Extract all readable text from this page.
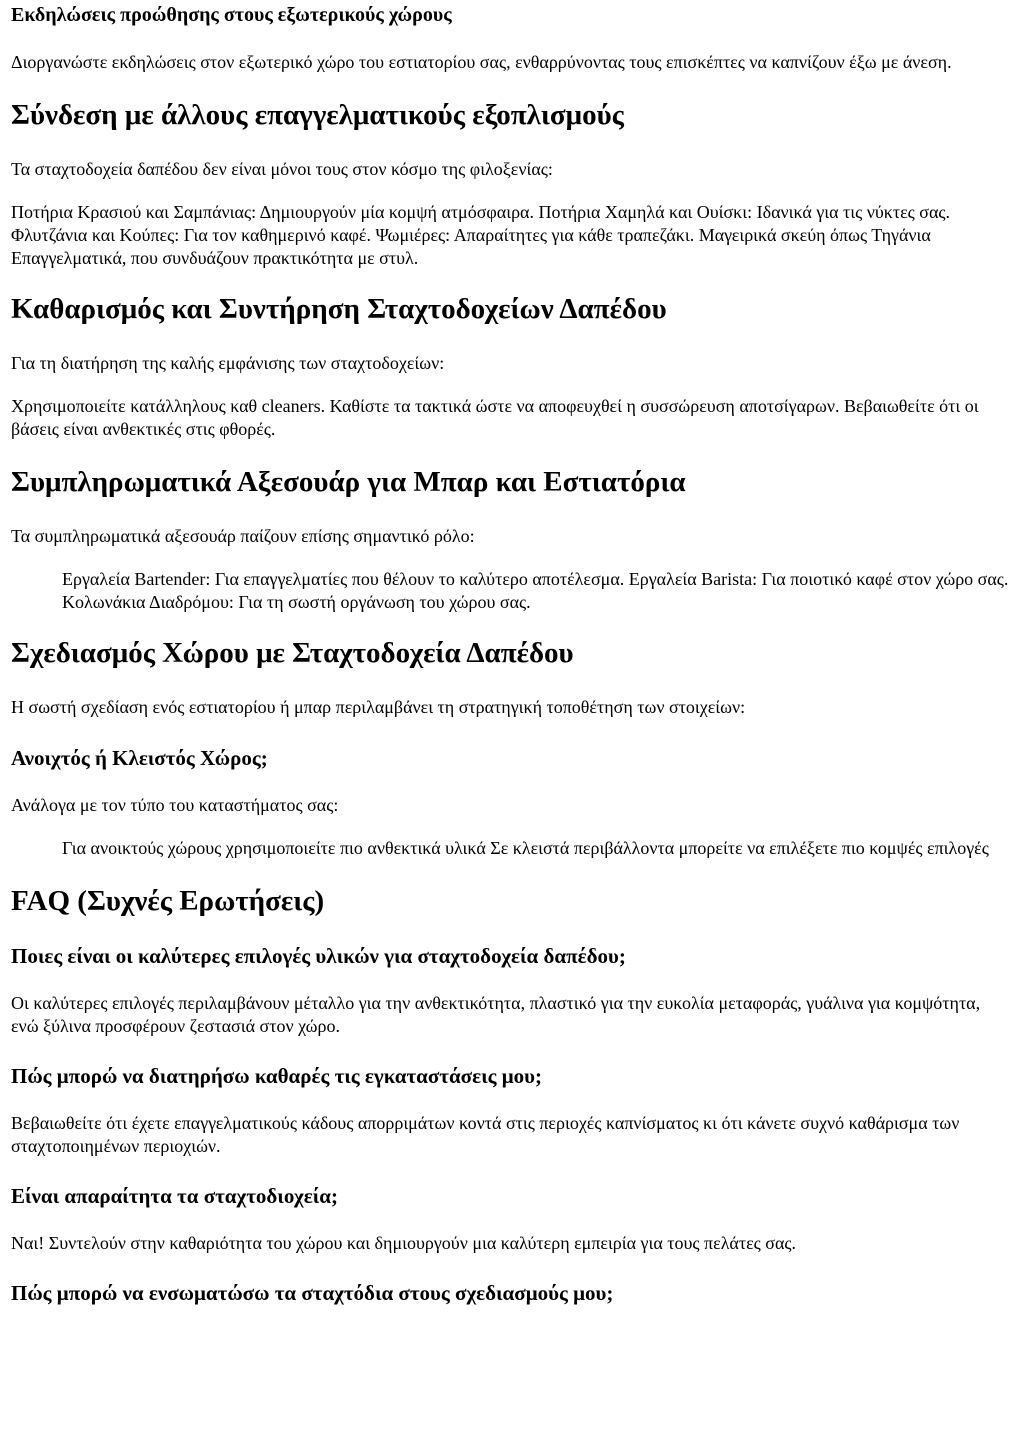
Εκδηλώσεις προώθησης στους εξωτερικούς χώρους

Διοργανώστε εκδηλώσεις στον εξωτερικό χώρο του εστιατορίου σας, ενθαρρύνοντας τους επισκέπτες να καπνίζουν έξω με άνεση.

Σύνδεση με άλλους επαγγελματικούς εξοπλισμούς

Τα σταχτοδοχεία δαπέδου δεν είναι μόνοι τους στον κόσμο της φιλοξενίας:

Ποτήρια Κρασιού και Σαμπάνιας: Δημιουργούν μία κομψή ατμόσφαιρα. Ποτήρια Χαμηλά και Ουίσκι: Ιδανικά για τις νύκτες σας. Φλυτζάνια και Κούπες: Για τον καθημερινό καφέ. Ψωμιέρες: Απαραίτητες για κάθε τραπεζάκι. Μαγειρικά σκεύη όπως Τηγάνια Επαγγελματικά, που συνδυάζουν πρακτικότητα με στυλ.

Καθαρισμός και Συντήρηση Σταχτοδοχείων Δαπέδου

Για τη διατήρηση της καλής εμφάνισης των σταχτοδοχείων:

Χρησιμοποιείτε κατάλληλους καθ cleaners. Καθίστε τα τακτικά ώστε να αποφευχθεί η συσσώρευση αποτσίγαρων. Βεβαιωθείτε ότι οι βάσεις είναι ανθεκτικές στις φθορές.

Συμπληρωματικά Αξεσουάρ για Μπαρ και Εστιατόρια

Τα συμπληρωματικά αξεσουάρ παίζουν επίσης σημαντικό ρόλο:

Εργαλεία Bartender: Για επαγγελματίες που θέλουν το καλύτερο αποτέλεσμα. Εργαλεία Barista: Για ποιοτικό καφέ στον χώρο σας. Κολωνάκια Διαδρόμου: Για τη σωστή οργάνωση του χώρου σας.
Σχεδιασμός Χώρου με Σταχτοδοχεία Δαπέδου

Η σωστή σχεδίαση ενός εστιατορίου ή μπαρ περιλαμβάνει τη στρατηγική τοποθέτηση των στοιχείων:

Ανοιχτός ή Κλειστός Χώρος;

Ανάλογα με τον τύπο του καταστήματος σας:

Για ανοικτούς χώρους χρησιμοποιείτε πιο ανθεκτικά υλικά Σε κλειστά περιβάλλοντα μπορείτε να επιλέξετε πιο κομψές επιλογές
FAQ (Συχνές Ερωτήσεις)
Ποιες είναι οι καλύτερες επιλογές υλικών για σταχτοδοχεία δαπέδου;

Οι καλύτερες επιλογές περιλαμβάνουν μέταλλο για την ανθεκτικότητα, πλαστικό για την ευκολία μεταφοράς, γυάλινα για κομψότητα, ενώ ξύλινα προσφέρουν ζεστασιά στον χώρο.

Πώς μπορώ να διατηρήσω καθαρές τις εγκαταστάσεις μου;

Βεβαιωθείτε ότι έχετε επαγγελματικούς κάδους απορριμάτων κοντά στις περιοχές καπνίσματος κι ότι κάνετε συχνό καθάρισμα των σταχτοποιημένων περιοχιών.

Είναι απαραίτητα τα σταχτοδιοχεία;

Ναι! Συντελούν στην καθαριότητα του χώρου και δημιουργούν μια καλύτερη εμπειρία για τους πελάτες σας.

Πώς μπορώ να ενσωματώσω τα σταχτόδια στους σχεδιασμούς μου;
